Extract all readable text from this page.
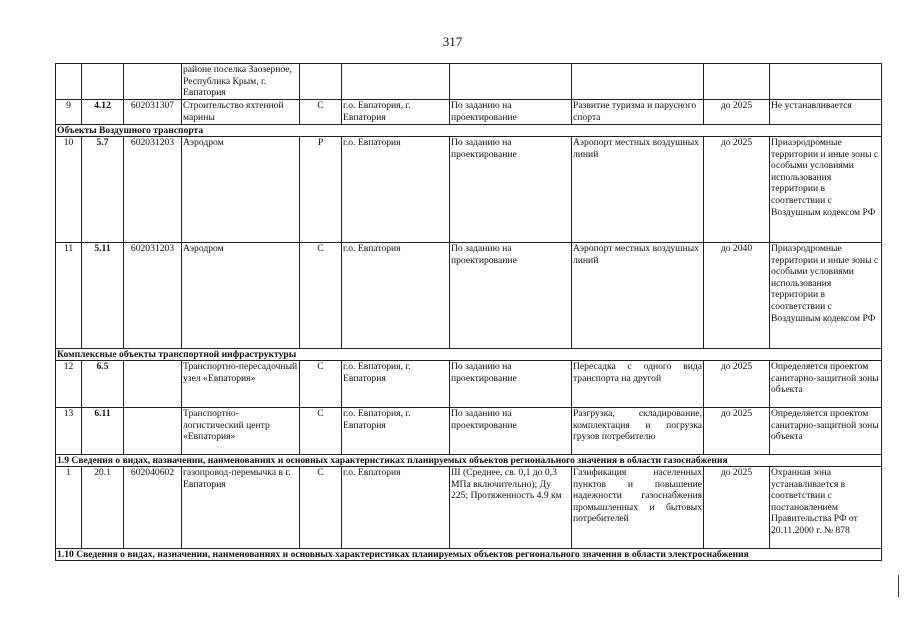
317
			районе поселка Заозерное, Республика Крым, г. Евпатория						
9	4.12	602031307	Строительство яхтенной марины	С	г.о. Евпатория, г. Евпатория	По заданию на проектирование	Развитие туризма и парусного спорта	до 2025	Не устанавливается
Объекты Воздушного транспорта									
10	5.7	602031203	Аэродром	Р	г.о. Евпатория	По заданию на проектирование	Аэропорт местных воздушных линий	до 2025	Приаэродромные территории и иные зоны с особыми условиями использования территории в соответствии с Воздушным кодексом РФ
11	5.11	602031203	Аэродром	С	г.о. Евпатория	По заданию на проектирование	Аэропорт местных воздушных линий	до 2040	Приаэродромные территории и иные зоны с особыми условиями использования территории в соответствии с Воздушным кодексом РФ
Комплексные объекты транспортной инфраструктуры									
12	6.5		Транспортно-пересадочный узел «Евпатория»	С	г.о. Евпатория, г. Евпатория	По заданию на проектирование	Пересадка с одного вида транспорта на другой	до 2025	Определяется проектом санитарно-защитной зоны объекта
13	6.11		Транспортно-логистический центр «Евпатория»	С	г.о. Евпатория, г. Евпатория	По заданию на проектирование	Разгрузка, складирование, комплектация и погрузка грузов потребителю	до 2025	Определяется проектом санитарно-защитной зоны объекта
1.9 Сведения о видах, назначении, наименованиях и основных характеристиках планируемых объектов регионального значения в области газоснабжения									
1	20.1	602040602	газопровод-перемычка в г. Евпатория	С	г.о. Евпатория	III (Среднее, св. 0,1 до 0,3 МПа включительно); Ду 225; Протяженность 4.9 км	Газификация населенных пунктов и повышение надежности газоснабжения промышленных и бытовых потребителей	до 2025	Охранная зона устанавливается в соответствии с постановлением Правительства РФ от 20.11.2000 г. № 878
1.10 Сведения о видах, назначении, наименованиях и основных характеристиках планируемых объектов регионального значения в области электроснабжения									
